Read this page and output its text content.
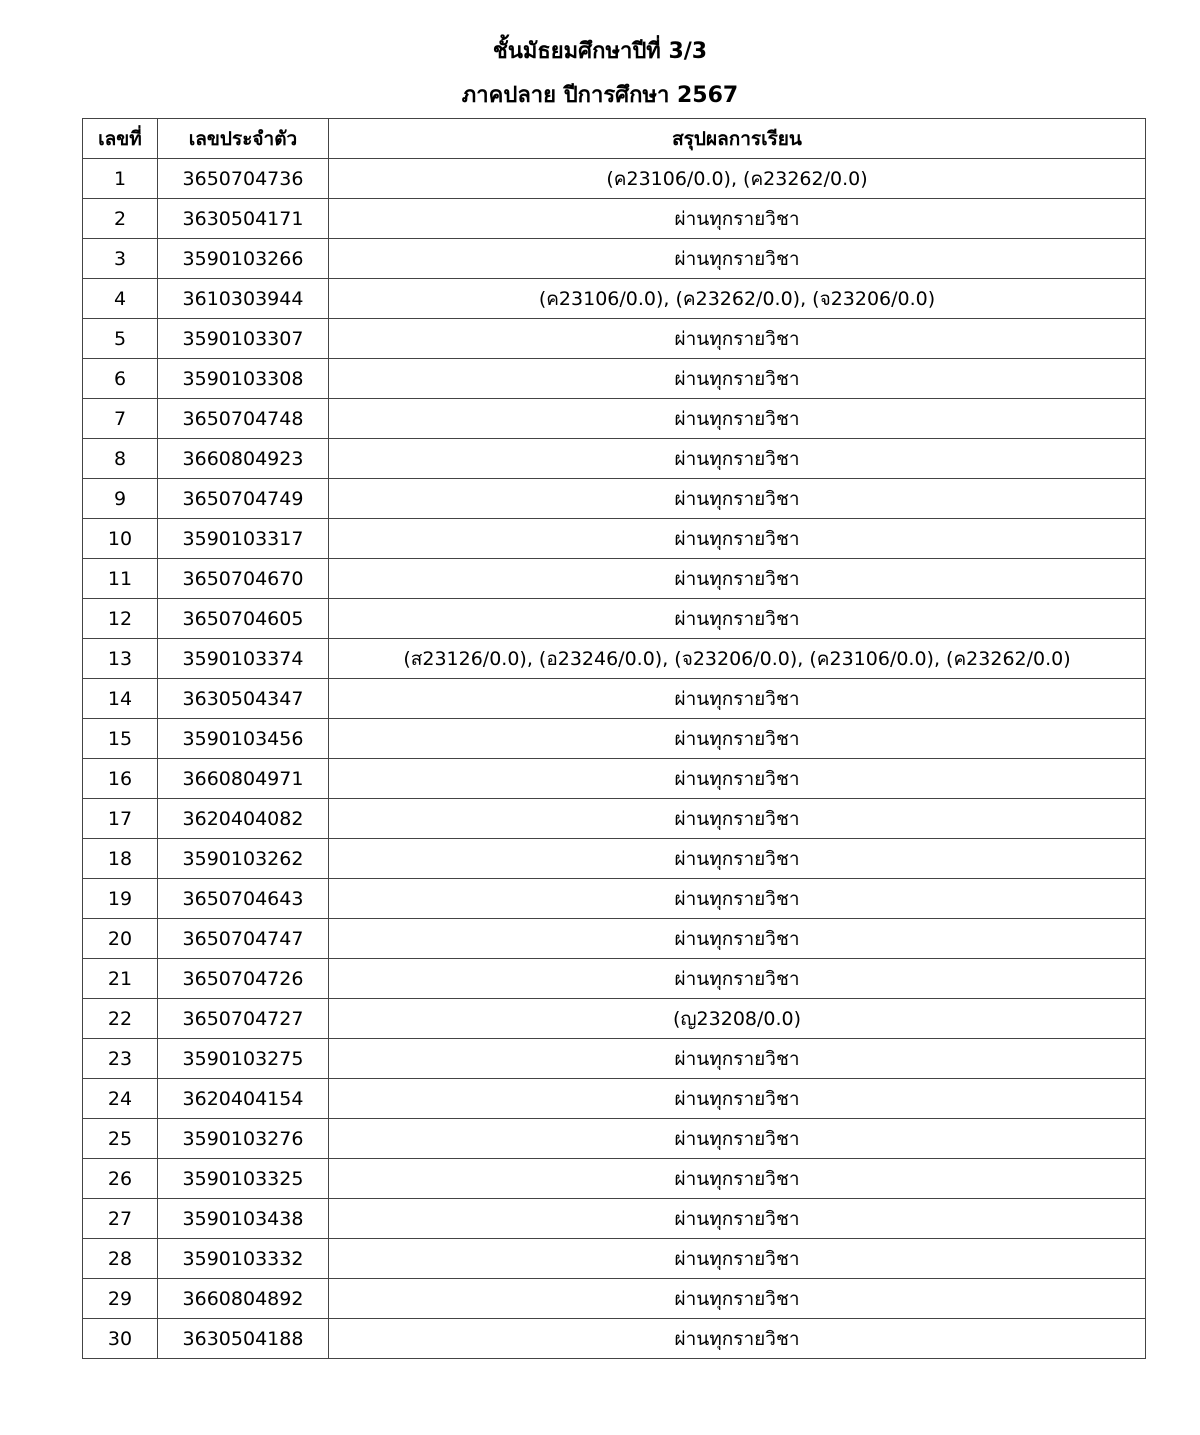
ชั้นมัธยมศึกษาปีที่ 3/3
ภาคปลาย ปีการศึกษา 2567
เลขที่	เลขประจำตัว	สรุปผลการเรียน
1	3650704736	(ค23106/0.0), (ค23262/0.0)
2	3630504171	ผ่านทุกรายวิชา
3	3590103266	ผ่านทุกรายวิชา
4	3610303944	(ค23106/0.0), (ค23262/0.0), (จ23206/0.0)
5	3590103307	ผ่านทุกรายวิชา
6	3590103308	ผ่านทุกรายวิชา
7	3650704748	ผ่านทุกรายวิชา
8	3660804923	ผ่านทุกรายวิชา
9	3650704749	ผ่านทุกรายวิชา
10	3590103317	ผ่านทุกรายวิชา
11	3650704670	ผ่านทุกรายวิชา
12	3650704605	ผ่านทุกรายวิชา
13	3590103374	(ส23126/0.0), (อ23246/0.0), (จ23206/0.0), (ค23106/0.0), (ค23262/0.0)
14	3630504347	ผ่านทุกรายวิชา
15	3590103456	ผ่านทุกรายวิชา
16	3660804971	ผ่านทุกรายวิชา
17	3620404082	ผ่านทุกรายวิชา
18	3590103262	ผ่านทุกรายวิชา
19	3650704643	ผ่านทุกรายวิชา
20	3650704747	ผ่านทุกรายวิชา
21	3650704726	ผ่านทุกรายวิชา
22	3650704727	(ญ23208/0.0)
23	3590103275	ผ่านทุกรายวิชา
24	3620404154	ผ่านทุกรายวิชา
25	3590103276	ผ่านทุกรายวิชา
26	3590103325	ผ่านทุกรายวิชา
27	3590103438	ผ่านทุกรายวิชา
28	3590103332	ผ่านทุกรายวิชา
29	3660804892	ผ่านทุกรายวิชา
30	3630504188	ผ่านทุกรายวิชา
